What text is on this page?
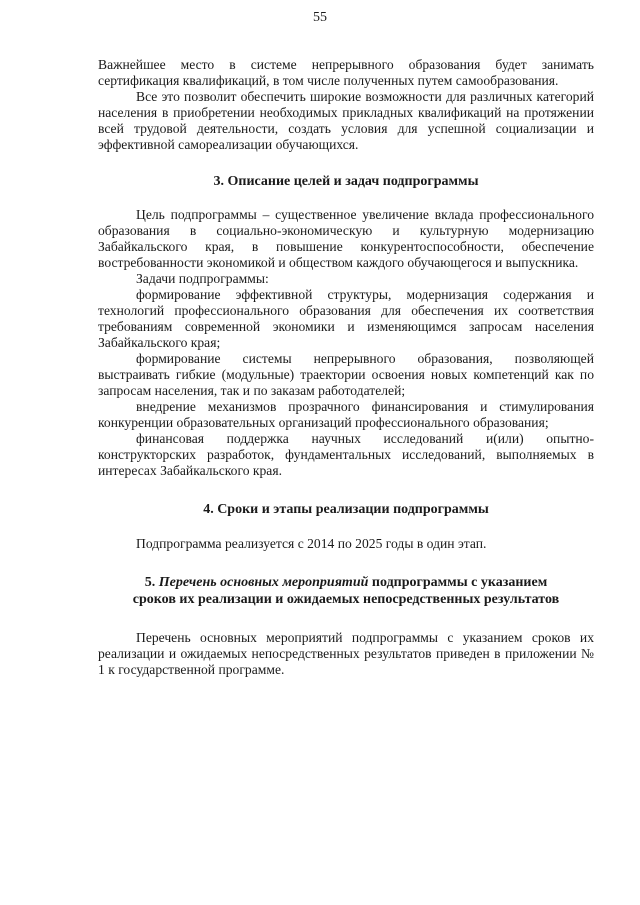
55

Важнейшее место в системе непрерывного образования будет занимать сертификация квалификаций, в том числе полученных путем самообразования.

Все это позволит обеспечить широкие возможности для различных категорий населения в приобретении необходимых прикладных квалификаций на протяжении всей трудовой деятельности, создать условия для успешной социализации и эффективной самореализации обучающихся.

3. Описание целей и задач подпрограммы

Цель подпрограммы – существенное увеличение вклада профессионального образования в социально-экономическую и культурную модернизацию Забайкальского края, в повышение конкурентоспособности, обеспечение востребованности экономикой и обществом каждого обучающегося и выпускника.

Задачи подпрограммы:

формирование эффективной структуры, модернизация содержания и технологий профессионального образования для обеспечения их соответствия требованиям современной экономики и изменяющимся запросам населения Забайкальского края;

формирование системы непрерывного образования, позволяющей выстраивать гибкие (модульные) траектории освоения новых компетенций как по запросам населения, так и по заказам работодателей;

внедрение механизмов прозрачного финансирования и стимулирования конкуренции образовательных организаций профессионального образования;

финансовая поддержка научных исследований и(или) опытно-конструкторских разработок, фундаментальных исследований, выполняемых в интересах Забайкальского края.

4. Сроки и этапы реализации подпрограммы

Подпрограмма реализуется с 2014 по 2025 годы в один этап.

5. Перечень основных мероприятий подпрограммы с указанием
сроков их реализации и ожидаемых непосредственных результатов

Перечень основных мероприятий подпрограммы с указанием сроков их реализации и ожидаемых непосредственных результатов приведен в приложении № 1 к государственной программе.
